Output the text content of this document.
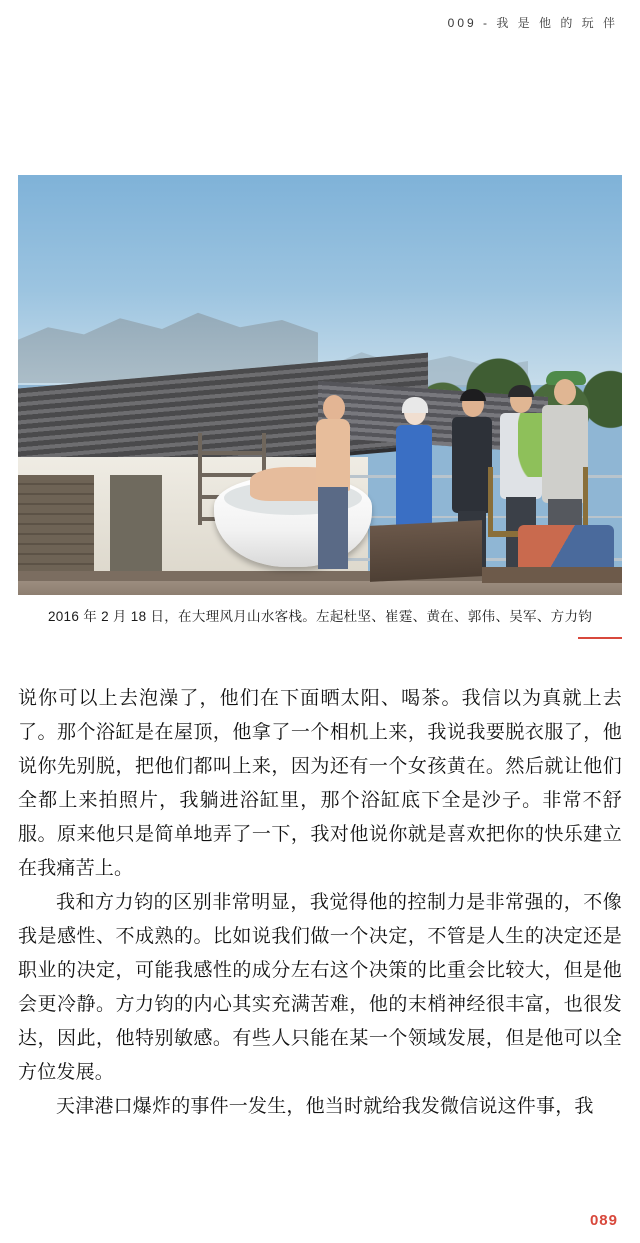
009 - 我 是 他 的 玩 伴
2016 年 2 月 18 日，在大理风月山水客栈。左起杜坚、崔霆、黄在、郭伟、吴军、方力钧

说你可以上去泡澡了，他们在下面晒太阳、喝茶。我信以为真就上去了。那个浴缸是在屋顶，他拿了一个相机上来，我说我要脱衣服了，他说你先别脱，把他们都叫上来，因为还有一个女孩黄在。然后就让他们全都上来拍照片，我躺进浴缸里，那个浴缸底下全是沙子。非常不舒服。原来他只是简单地弄了一下，我对他说你就是喜欢把你的快乐建立在我痛苦上。

我和方力钧的区别非常明显，我觉得他的控制力是非常强的，不像我是感性、不成熟的。比如说我们做一个决定，不管是人生的决定还是职业的决定，可能我感性的成分左右这个决策的比重会比较大，但是他会更冷静。方力钧的内心其实充满苦难，他的末梢神经很丰富，也很发达，因此，他特别敏感。有些人只能在某一个领域发展，但是他可以全方位发展。

天津港口爆炸的事件一发生，他当时就给我发微信说这件事，我

089
